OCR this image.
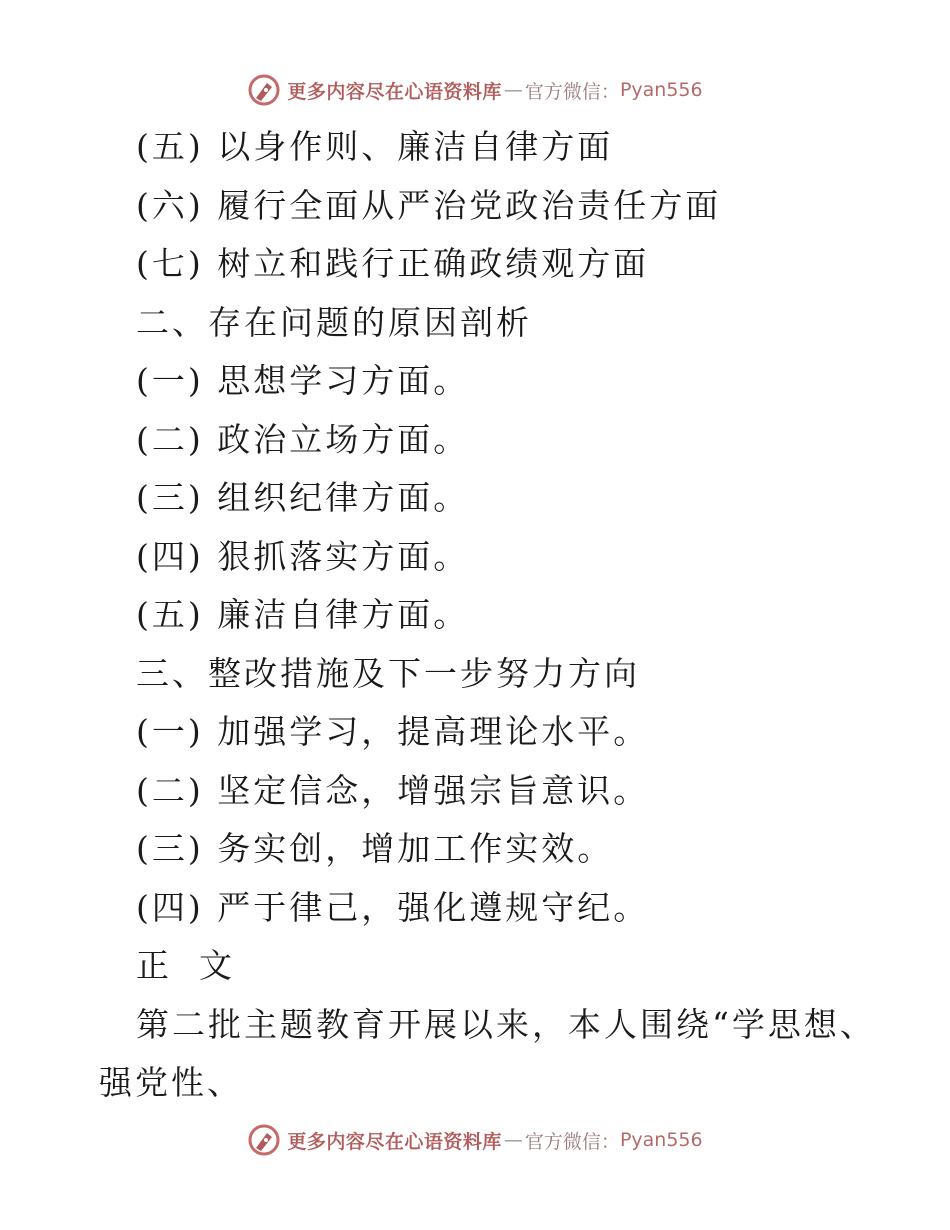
更多内容尽在心语资料库 — 官方微信： Pyan556
(五) 以身作则、廉洁自律方面
(六) 履行全面从严治党政治责任方面
(七) 树立和践行正确政绩观方面
二、存在问题的原因剖析
(一) 思想学习方面。
(二) 政治立场方面。
(三) 组织纪律方面。
(四) 狠抓落实方面。
(五) 廉洁自律方面。
三、整改措施及下一步努力方向
(一) 加强学习，提高理论水平。
(二) 坚定信念，增强宗旨意识。
(三) 务实创，增加工作实效。
(四) 严于律己，强化遵规守纪。
正  文
第二批主题教育开展以来，本人围绕“学思想、
强党性、
更多内容尽在心语资料库 — 官方微信： Pyan556
